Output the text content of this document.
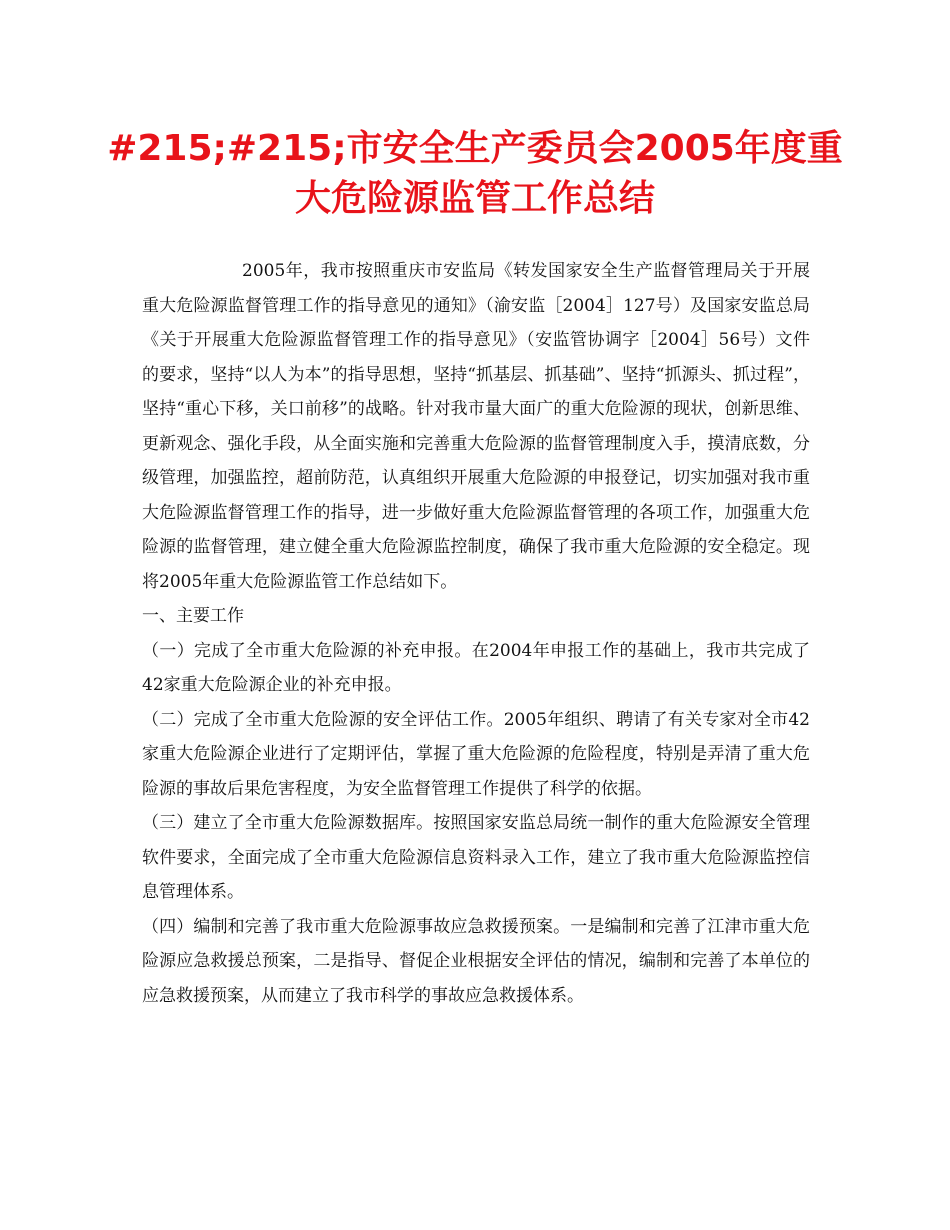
#215;#215;市安全生产委员会2005年度重大危险源监管工作总结

2005年，我市按照重庆市安监局《转发国家安全生产监督管理局关于开展重大危险源监督管理工作的指导意见的通知》（渝安监［2004］127号）及国家安监总局《关于开展重大危险源监督管理工作的指导意见》（安监管协调字［2004］56号）文件的要求，坚持“以人为本”的指导思想，坚持“抓基层、抓基础”、坚持“抓源头、抓过程”，坚持“重心下移，关口前移”的战略。针对我市量大面广的重大危险源的现状，创新思维、更新观念、强化手段，从全面实施和完善重大危险源的监督管理制度入手，摸清底数，分级管理，加强监控，超前防范，认真组织开展重大危险源的申报登记，切实加强对我市重大危险源监督管理工作的指导，进一步做好重大危险源监督管理的各项工作，加强重大危险源的监督管理，建立健全重大危险源监控制度，确保了我市重大危险源的安全稳定。现将2005年重大危险源监管工作总结如下。

一、主要工作

（一）完成了全市重大危险源的补充申报。在2004年申报工作的基础上，我市共完成了42家重大危险源企业的补充申报。

（二）完成了全市重大危险源的安全评估工作。2005年组织、聘请了有关专家对全市42家重大危险源企业进行了定期评估，掌握了重大危险源的危险程度，特别是弄清了重大危险源的事故后果危害程度，为安全监督管理工作提供了科学的依据。

（三）建立了全市重大危险源数据库。按照国家安监总局统一制作的重大危险源安全管理软件要求，全面完成了全市重大危险源信息资料录入工作，建立了我市重大危险源监控信息管理体系。

（四）编制和完善了我市重大危险源事故应急救援预案。一是编制和完善了江津市重大危险源应急救援总预案，二是指导、督促企业根据安全评估的情况，编制和完善了本单位的应急救援预案，从而建立了我市科学的事故应急救援体系。
